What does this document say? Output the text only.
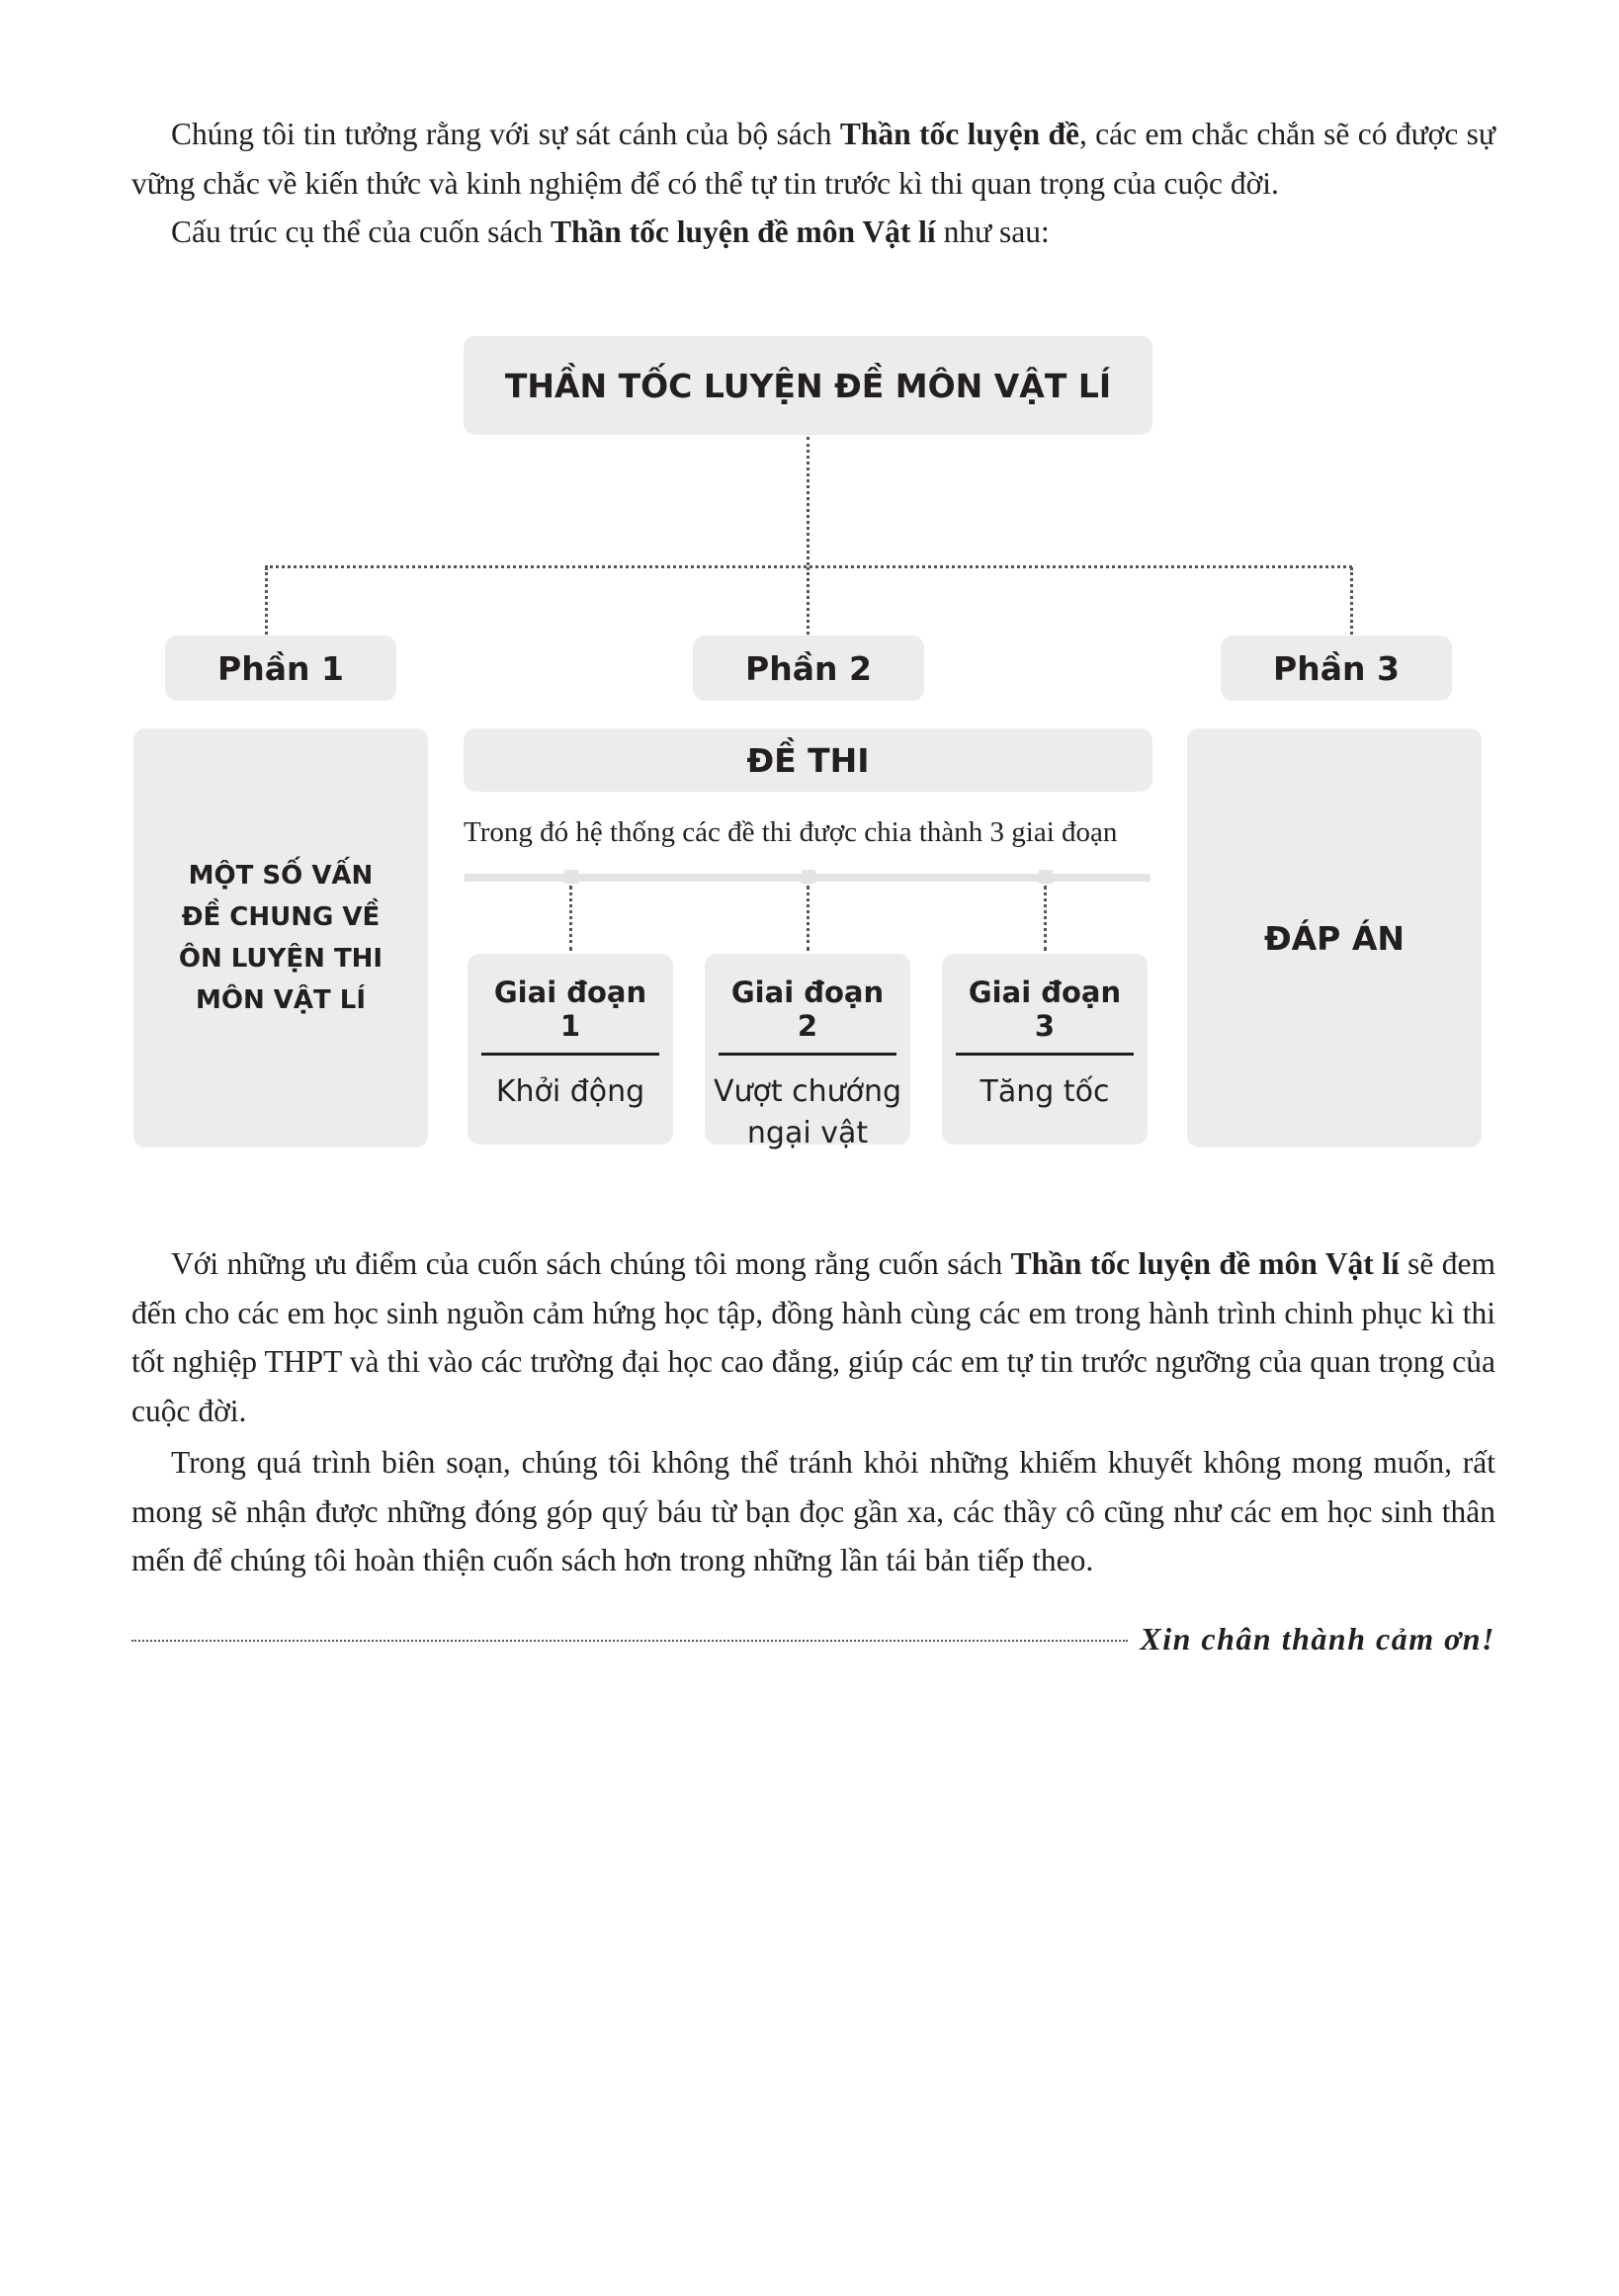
Chúng tôi tin tưởng rằng với sự sát cánh của bộ sách Thần tốc luyện đề, các em chắc chắn sẽ có được sự vững chắc về kiến thức và kinh nghiệm để có thể tự tin trước kì thi quan trọng của cuộc đời.

Cấu trúc cụ thể của cuốn sách Thần tốc luyện đề môn Vật lí như sau:

THẦN TỐC LUYỆN ĐỀ MÔN VẬT LÍ
Phần 1	Phần 2	Phần 3
MỘT SỐ VẤN ĐỀ CHUNG VỀ ÔN LUYỆN THI MÔN VẬT LÍ
ĐỀ THI
Trong đó hệ thống các đề thi được chia thành 3 giai đoạn
Giai đoạn 1
Khởi động
Giai đoạn 2
Vượt chướng ngại vật
Giai đoạn 3
Tăng tốc
ĐÁP ÁN

Với những ưu điểm của cuốn sách chúng tôi mong rằng cuốn sách Thần tốc luyện đề môn Vật lí sẽ đem đến cho các em học sinh nguồn cảm hứng học tập, đồng hành cùng các em trong hành trình chinh phục kì thi tốt nghiệp THPT và thi vào các trường đại học cao đẳng, giúp các em tự tin trước ngưỡng của quan trọng của cuộc đời.

Trong quá trình biên soạn, chúng tôi không thể tránh khỏi những khiếm khuyết không mong muốn, rất mong sẽ nhận được những đóng góp quý báu từ bạn đọc gần xa, các thầy cô cũng như các em học sinh thân mến để chúng tôi hoàn thiện cuốn sách hơn trong những lần tái bản tiếp theo.

Xin chân thành cảm ơn!
